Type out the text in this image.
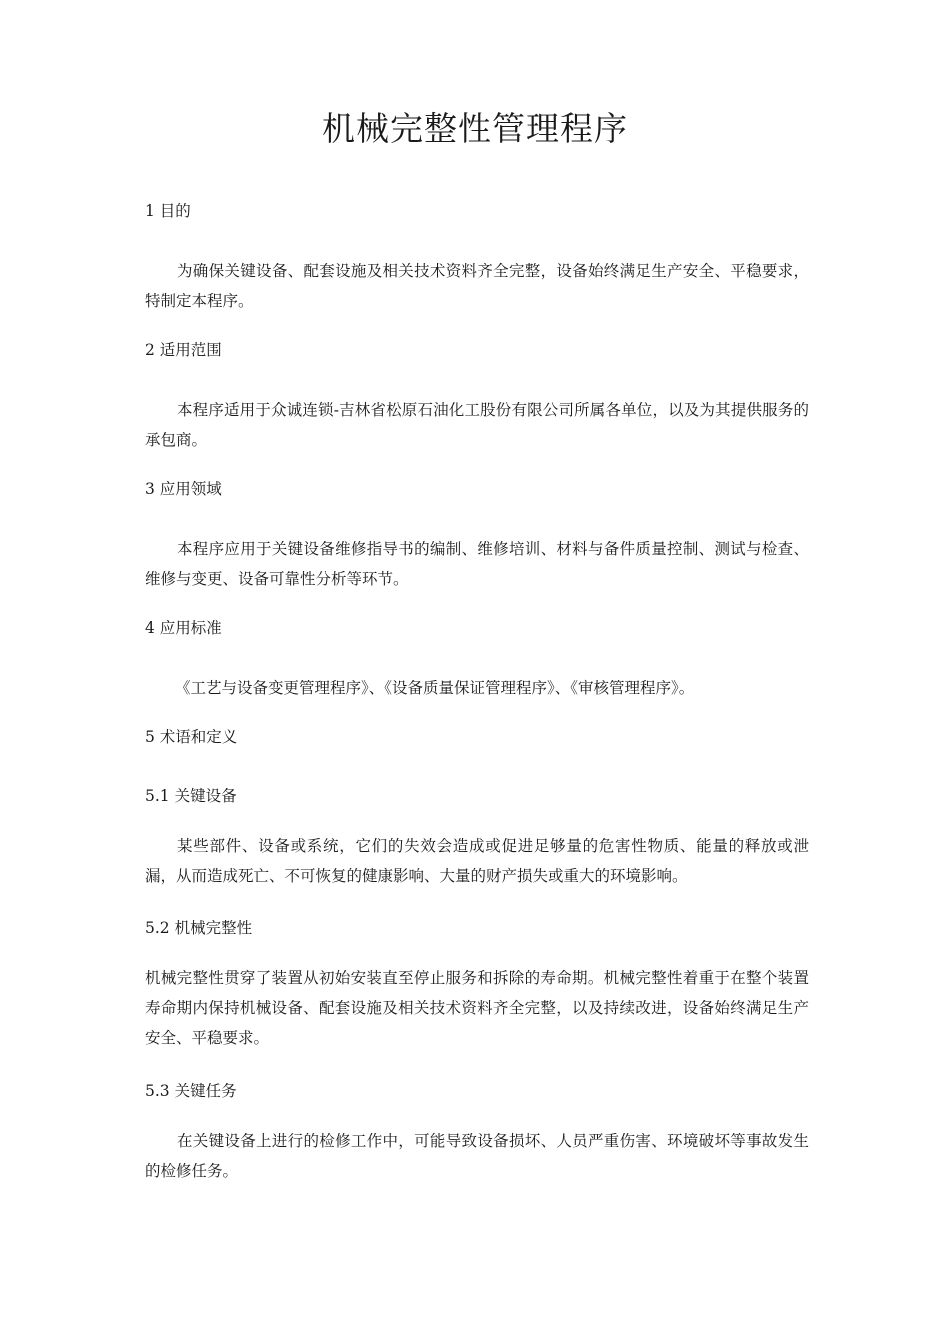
机械完整性管理程序

1 目的

为确保关键设备、配套设施及相关技术资料齐全完整，设备始终满足生产安全、平稳要求，特制定本程序。

2 适用范围

本程序适用于众诚连锁-吉林省松原石油化工股份有限公司所属各单位，以及为其提供服务的承包商。

3 应用领域

本程序应用于关键设备维修指导书的编制、维修培训、材料与备件质量控制、测试与检查、维修与变更、设备可靠性分析等环节。

4 应用标准

《工艺与设备变更管理程序》、《设备质量保证管理程序》、《审核管理程序》。

5 术语和定义

5.1 关键设备

某些部件、设备或系统，它们的失效会造成或促进足够量的危害性物质、能量的释放或泄漏，从而造成死亡、不可恢复的健康影响、大量的财产损失或重大的环境影响。

5.2 机械完整性

机械完整性贯穿了装置从初始安装直至停止服务和拆除的寿命期。机械完整性着重于在整个装置寿命期内保持机械设备、配套设施及相关技术资料齐全完整，以及持续改进，设备始终满足生产安全、平稳要求。

5.3 关键任务

在关键设备上进行的检修工作中，可能导致设备损坏、人员严重伤害、环境破坏等事故发生的检修任务。
